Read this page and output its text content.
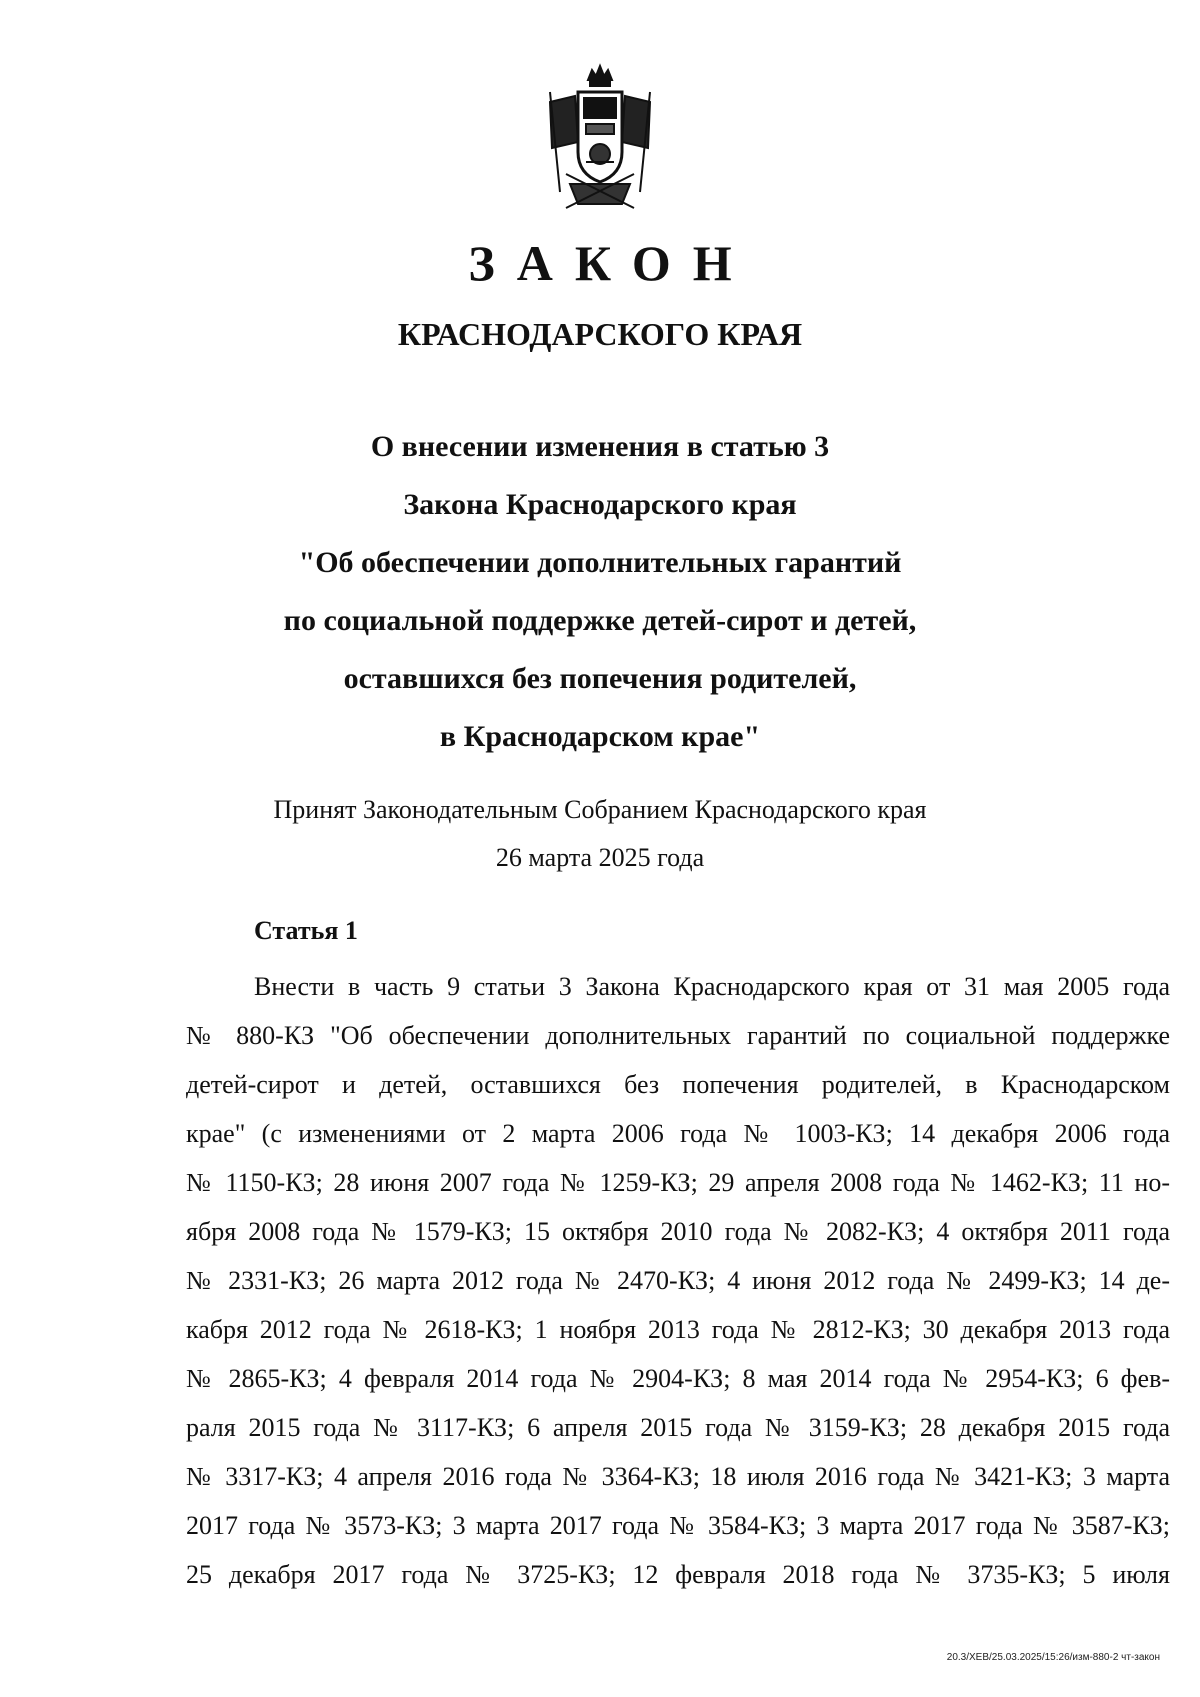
ЗАКОН
КРАСНОДАРСКОГО КРАЯ
О внесении изменения в статью 3
Закона Краснодарского края
"Об обеспечении дополнительных гарантий
по социальной поддержке детей-сирот и детей,
оставшихся без попечения родителей,
в Краснодарском крае"
Принят Законодательным Собранием Краснодарского края
26 марта 2025 года
Статья 1
Внести в часть 9 статьи 3 Закона Краснодарского края от 31 мая 2005 года
№ 880-КЗ "Об обеспечении дополнительных гарантий по социальной поддержке
детей-сирот и детей, оставшихся без попечения родителей, в Краснодарском
крае" (с изменениями от 2 марта 2006 года № 1003-КЗ; 14 декабря 2006 года
№ 1150-КЗ; 28 июня 2007 года № 1259-КЗ; 29 апреля 2008 года № 1462-КЗ; 11 но-
ября 2008 года № 1579-КЗ; 15 октября 2010 года № 2082-КЗ; 4 октября 2011 года
№ 2331-КЗ; 26 марта 2012 года № 2470-КЗ; 4 июня 2012 года № 2499-КЗ; 14 де-
кабря 2012 года № 2618-КЗ; 1 ноября 2013 года № 2812-КЗ; 30 декабря 2013 года
№ 2865-КЗ; 4 февраля 2014 года № 2904-КЗ; 8 мая 2014 года № 2954-КЗ; 6 фев-
раля 2015 года № 3117-КЗ; 6 апреля 2015 года № 3159-КЗ; 28 декабря 2015 года
№ 3317-КЗ; 4 апреля 2016 года № 3364-КЗ; 18 июля 2016 года № 3421-КЗ; 3 марта
2017 года № 3573-КЗ; 3 марта 2017 года № 3584-КЗ; 3 марта 2017 года № 3587-КЗ;
25 декабря 2017 года № 3725-КЗ; 12 февраля 2018 года № 3735-КЗ; 5 июля
20.3/ХЕВ/25.03.2025/15:26/изм-880-2 чт-закон
